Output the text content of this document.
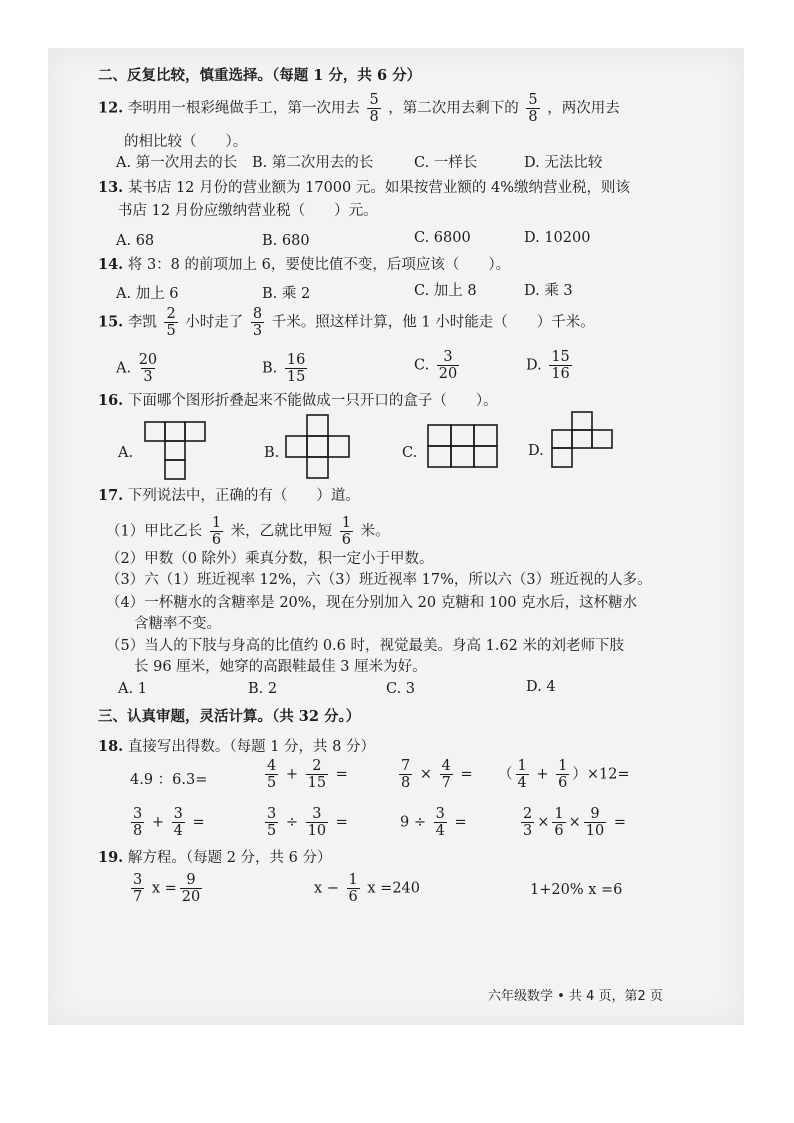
二、反复比较，慎重选择。（每题 1 分，共 6 分）
12. 李明用一根彩绳做手工，第一次用去 $\frac{5}{8}$ ，第二次用去剩下的 $\frac{5}{8}$ ，两次用去
的相比较（　　）。
A. 第一次用去的长 B. 第二次用去的长	C. 一样长	D. 无法比较
13. 某书店 12 月份的营业额为 17000 元。如果按营业额的 4%缴纳营业税，则该
书店 12 月份应缴纳营业税（　　）元。
A. 68	B. 680	C. 6800	D. 10200
14. 将 3：8 的前项加上 6，要使比值不变，后项应该（　　）。
A. 加上 6	B. 乘 2	C. 加上 8	D. 乘 3
15. 李凯 $\frac{2}{5}$ 小时走了 $\frac{8}{3}$ 千米。照这样计算，他 1 小时能走（　　）千米。
A. $\frac{20}{3}$	B. $\frac{16}{15}$	C. $\frac{3}{20}$	D. $\frac{15}{16}$
16. 下面哪个图形折叠起来不能做成一只开口的盒子（　　）。
A.	B.	C.	D.
17. 下列说法中，正确的有（　　）道。
（1）甲比乙长 $\frac{1}{6}$ 米，乙就比甲短 $\frac{1}{6}$ 米。
（2）甲数（0 除外）乘真分数，积一定小于甲数。
（3）六（1）班近视率 12%，六（3）班近视率 17%，所以六（3）班近视的人多。
（4）一杯糖水的含糖率是 20%，现在分别加入 20 克糖和 100 克水后，这杯糖水
含糖率不变。
（5）当人的下肢与身高的比值约 0.6 时，视觉最美。身高 1.62 米的刘老师下肢
长 96 厘米，她穿的高跟鞋最佳 3 厘米为好。
A. 1	B. 2	C. 3	D. 4
三、认真审题，灵活计算。（共 32 分。）
18. 直接写出得数。（每题 1 分，共 8 分）
4.9 ：6.3=	$\frac{4}{5} + \frac{2}{15}$ =	$\frac{7}{8} \times \frac{4}{7}$ = （ $\frac{1}{4} + \frac{1}{6} )\times 12=$
$\frac{3}{8} + \frac{3}{4}$ =	$\frac{3}{5} \div \frac{3}{10}$ =	$9 \div \frac{3}{4}$ =	$\frac{2}{3} \times \frac{1}{6} \times \frac{9}{10}$ =
19. 解方程。（每题 2 分，共 6 分）
$\frac{3}{7}$ $x = \frac{9}{20}$	$x - \frac{1}{6}$ x =240	1+20% x =6
六年级数学 • 共 4 页，第2 页
